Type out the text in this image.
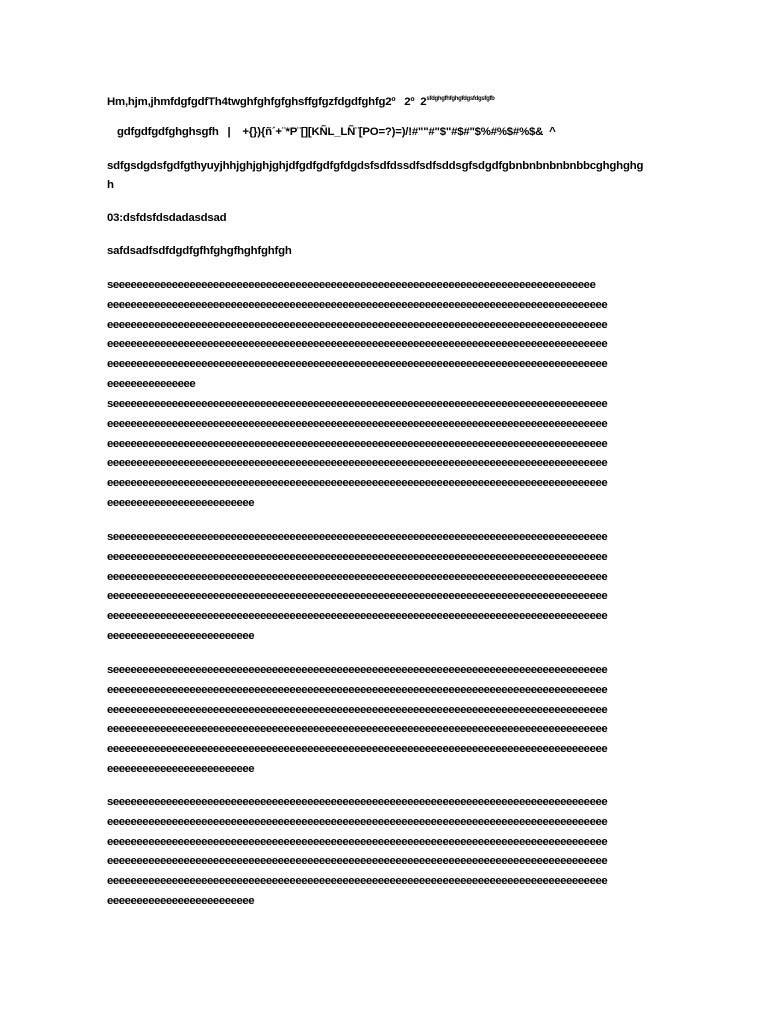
Hm,hjm,jhmfdgfgdfTh4twghfghfgfghsffgfgzfdgdfghfg2º   2º  $2^{sfdghgfhfghgfdgsfdgsfgfb}$
gdfgdfgdfghghsgfh   |    +{}){ñ´+¨*P¨[][KÑL_LÑ¨[PO=?)=)/!#""#"$"#$#"$%#%$#%$&  ^
sdfgsdgdsfgdfgthyuyjhhjghjghjghjdfgdfgdfgfdgdsfsdfdssdfsdfsddsgfsdgdfgbnbnbnbnbnbbcghghghg
h
03:dsfdsfdsdadasdsad
safdsadfsdfdgdfgfhfghgfhghfghfgh
seeeeeeeeeeeeeeeeeeeeeeeeeeeeeeeeeeeeeeeeeeeeeeeeeeeeeeeeeeeeeeeeeeeeeeeeeeeeeeeeee
eeeeeeeeeeeeeeeeeeeeeeeeeeeeeeeeeeeeeeeeeeeeeeeeeeeeeeeeeeeeeeeeeeeeeeeeeeeeeeeeeeeee
eeeeeeeeeeeeeeeeeeeeeeeeeeeeeeeeeeeeeeeeeeeeeeeeeeeeeeeeeeeeeeeeeeeeeeeeeeeeeeeeeeeee
eeeeeeeeeeeeeeeeeeeeeeeeeeeeeeeeeeeeeeeeeeeeeeeeeeeeeeeeeeeeeeeeeeeeeeeeeeeeeeeeeeeee
eeeeeeeeeeeeeeeeeeeeeeeeeeeeeeeeeeeeeeeeeeeeeeeeeeeeeeeeeeeeeeeeeeeeeeeeeeeeeeeeeeeee
eeeeeeeeeeeeeee
seeeeeeeeeeeeeeeeeeeeeeeeeeeeeeeeeeeeeeeeeeeeeeeeeeeeeeeeeeeeeeeeeeeeeeeeeeeeeeeeeeee
eeeeeeeeeeeeeeeeeeeeeeeeeeeeeeeeeeeeeeeeeeeeeeeeeeeeeeeeeeeeeeeeeeeeeeeeeeeeeeeeeeeee
eeeeeeeeeeeeeeeeeeeeeeeeeeeeeeeeeeeeeeeeeeeeeeeeeeeeeeeeeeeeeeeeeeeeeeeeeeeeeeeeeeeee
eeeeeeeeeeeeeeeeeeeeeeeeeeeeeeeeeeeeeeeeeeeeeeeeeeeeeeeeeeeeeeeeeeeeeeeeeeeeeeeeeeeee
eeeeeeeeeeeeeeeeeeeeeeeeeeeeeeeeeeeeeeeeeeeeeeeeeeeeeeeeeeeeeeeeeeeeeeeeeeeeeeeeeeeee
eeeeeeeeeeeeeeeeeeeeeeeee
seeeeeeeeeeeeeeeeeeeeeeeeeeeeeeeeeeeeeeeeeeeeeeeeeeeeeeeeeeeeeeeeeeeeeeeeeeeeeeeeeeee
eeeeeeeeeeeeeeeeeeeeeeeeeeeeeeeeeeeeeeeeeeeeeeeeeeeeeeeeeeeeeeeeeeeeeeeeeeeeeeeeeeeee
eeeeeeeeeeeeeeeeeeeeeeeeeeeeeeeeeeeeeeeeeeeeeeeeeeeeeeeeeeeeeeeeeeeeeeeeeeeeeeeeeeeee
eeeeeeeeeeeeeeeeeeeeeeeeeeeeeeeeeeeeeeeeeeeeeeeeeeeeeeeeeeeeeeeeeeeeeeeeeeeeeeeeeeeee
eeeeeeeeeeeeeeeeeeeeeeeeeeeeeeeeeeeeeeeeeeeeeeeeeeeeeeeeeeeeeeeeeeeeeeeeeeeeeeeeeeeee
eeeeeeeeeeeeeeeeeeeeeeeee
seeeeeeeeeeeeeeeeeeeeeeeeeeeeeeeeeeeeeeeeeeeeeeeeeeeeeeeeeeeeeeeeeeeeeeeeeeeeeeeeeeee
eeeeeeeeeeeeeeeeeeeeeeeeeeeeeeeeeeeeeeeeeeeeeeeeeeeeeeeeeeeeeeeeeeeeeeeeeeeeeeeeeeeee
eeeeeeeeeeeeeeeeeeeeeeeeeeeeeeeeeeeeeeeeeeeeeeeeeeeeeeeeeeeeeeeeeeeeeeeeeeeeeeeeeeeee
eeeeeeeeeeeeeeeeeeeeeeeeeeeeeeeeeeeeeeeeeeeeeeeeeeeeeeeeeeeeeeeeeeeeeeeeeeeeeeeeeeeee
eeeeeeeeeeeeeeeeeeeeeeeeeeeeeeeeeeeeeeeeeeeeeeeeeeeeeeeeeeeeeeeeeeeeeeeeeeeeeeeeeeeee
eeeeeeeeeeeeeeeeeeeeeeeee
seeeeeeeeeeeeeeeeeeeeeeeeeeeeeeeeeeeeeeeeeeeeeeeeeeeeeeeeeeeeeeeeeeeeeeeeeeeeeeeeeeee
eeeeeeeeeeeeeeeeeeeeeeeeeeeeeeeeeeeeeeeeeeeeeeeeeeeeeeeeeeeeeeeeeeeeeeeeeeeeeeeeeeeee
eeeeeeeeeeeeeeeeeeeeeeeeeeeeeeeeeeeeeeeeeeeeeeeeeeeeeeeeeeeeeeeeeeeeeeeeeeeeeeeeeeeee
eeeeeeeeeeeeeeeeeeeeeeeeeeeeeeeeeeeeeeeeeeeeeeeeeeeeeeeeeeeeeeeeeeeeeeeeeeeeeeeeeeeee
eeeeeeeeeeeeeeeeeeeeeeeeeeeeeeeeeeeeeeeeeeeeeeeeeeeeeeeeeeeeeeeeeeeeeeeeeeeeeeeeeeeee
eeeeeeeeeeeeeeeeeeeeeeeee
